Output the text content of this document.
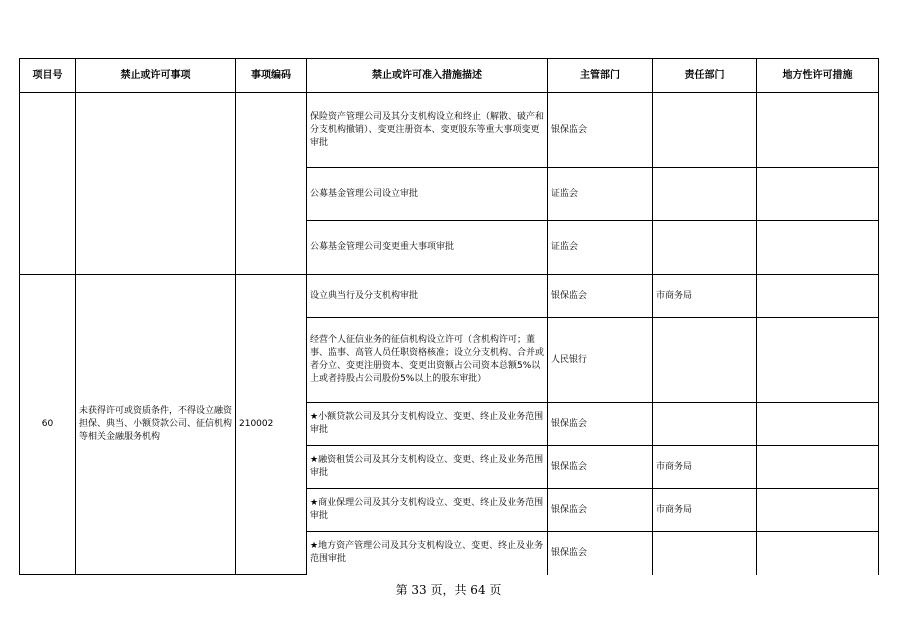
项目号	禁止或许可事项	事项编码	禁止或许可准入措施描述	主管部门	责任部门	地方性许可措施
			保险资产管理公司及其分支机构设立和终止（解散、破产和分支机构撤销）、变更注册资本、变更股东等重大事项变更审批	银保监会		
			公募基金管理公司设立审批	证监会		
			公募基金管理公司变更重大事项审批	证监会		
60	未获得许可或资质条件，不得设立融资担保、典当、小额贷款公司、征信机构等相关金融服务机构	210002	设立典当行及分支机构审批	银保监会	市商务局	
			经营个人征信业务的征信机构设立许可（含机构许可；董事、监事、高管人员任职资格核准；设立分支机构、合并或者分立、变更注册资本、变更出资额占公司资本总额5%以上或者持股占公司股份5%以上的股东审批）	人民银行		
			★小额贷款公司及其分支机构设立、变更、终止及业务范围审批	银保监会		
			★融资租赁公司及其分支机构设立、变更、终止及业务范围审批	银保监会	市商务局	
			★商业保理公司及其分支机构设立、变更、终止及业务范围审批	银保监会	市商务局	
			★地方资产管理公司及其分支机构设立、变更、终止及业务范围审批	银保监会		
第 33 页，共 64 页
